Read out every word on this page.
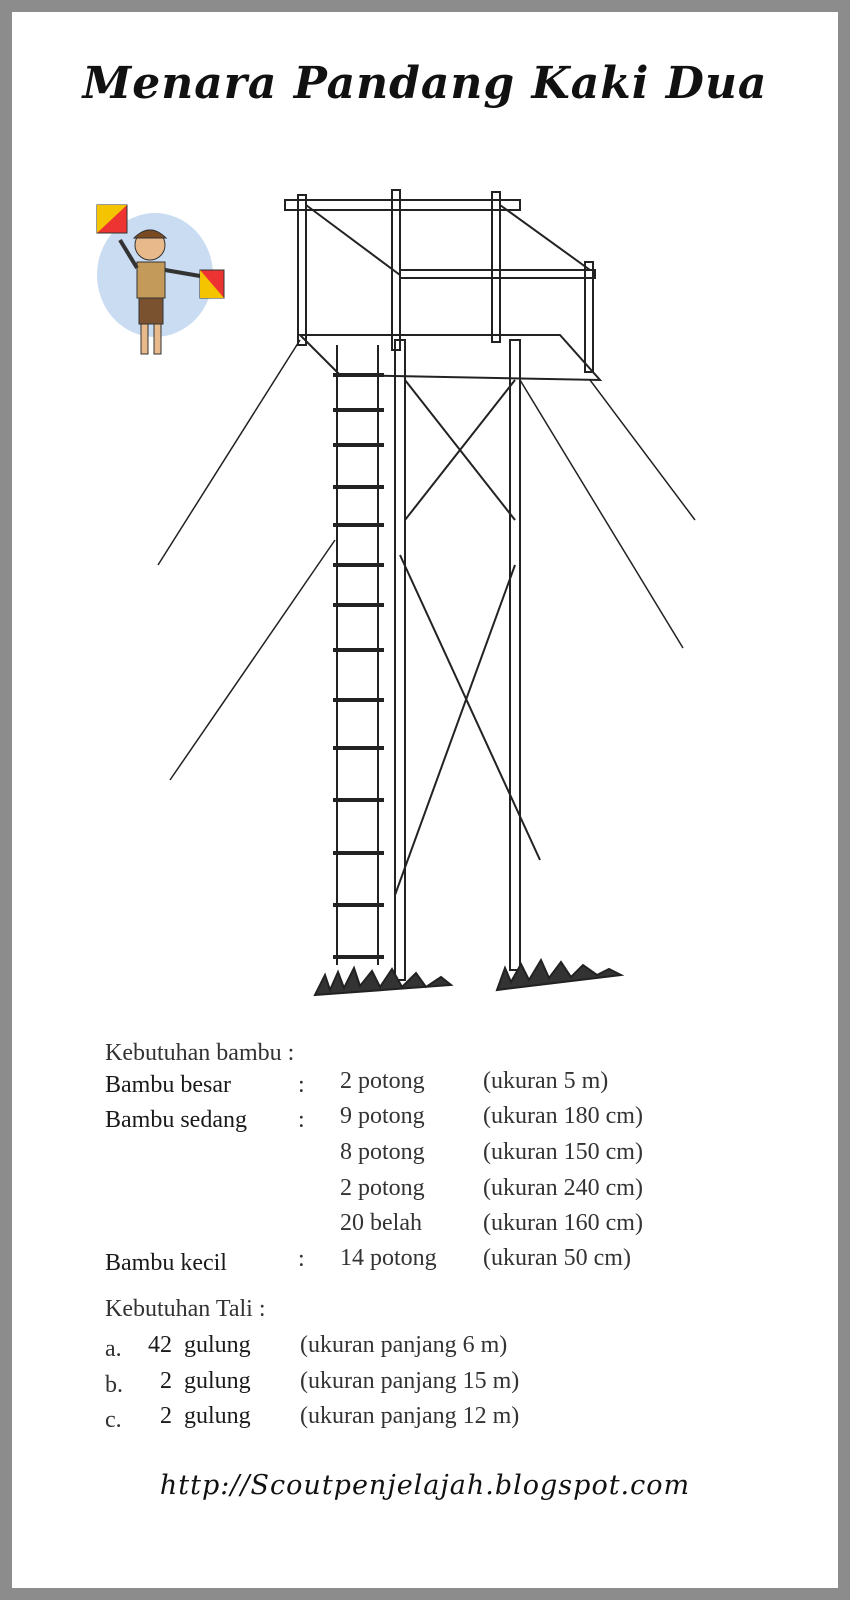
Menara Pandang Kaki Dua
Kebutuhan bambu :
Bambu besar	: 2 potong (ukuran 5 m)
Bambu sedang : 9 potong (ukuran 180 cm)
8 potong (ukuran 150 cm)
2 potong (ukuran 240 cm)
20 belah	(ukuran 160 cm)
Bambu kecil	: 14 potong (ukuran 50 cm)
Kebutuhan Tali :
a. 42 gulung (ukuran panjang 6 m)
b.	2 gulung (ukuran panjang 15 m)
c.	2 gulung (ukuran panjang 12 m)
http://Scoutpenjelajah.blogspot.com
